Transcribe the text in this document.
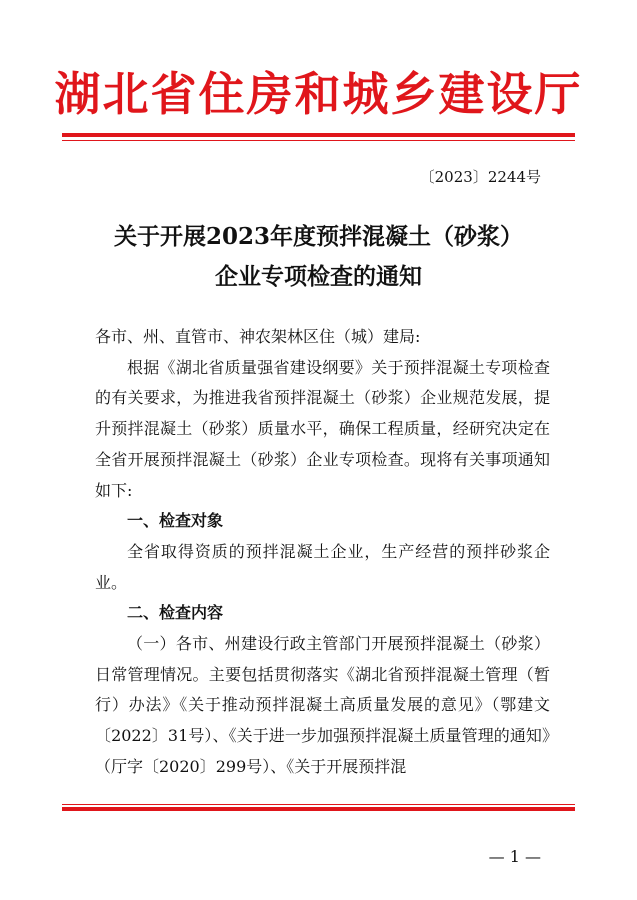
湖北省住房和城乡建设厅
〔2023〕2244号
关于开展2023年度预拌混凝土（砂浆）
企业专项检查的通知

各市、州、直管市、神农架林区住（城）建局:

根据《湖北省质量强省建设纲要》关于预拌混凝土专项检查的有关要求，为推进我省预拌混凝土（砂浆）企业规范发展，提升预拌混凝土（砂浆）质量水平，确保工程质量，经研究决定在全省开展预拌混凝土（砂浆）企业专项检查。现将有关事项通知如下:

一、检查对象

全省取得资质的预拌混凝土企业，生产经营的预拌砂浆企业。

二、检查内容

（一）各市、州建设行政主管部门开展预拌混凝土（砂浆）日常管理情况。主要包括贯彻落实《湖北省预拌混凝土管理（暂行）办法》《关于推动预拌混凝土高质量发展的意见》（鄂建文〔2022〕31号）、《关于进一步加强预拌混凝土质量管理的通知》（厅字〔2020〕299号）、《关于开展预拌混

— 1 —
